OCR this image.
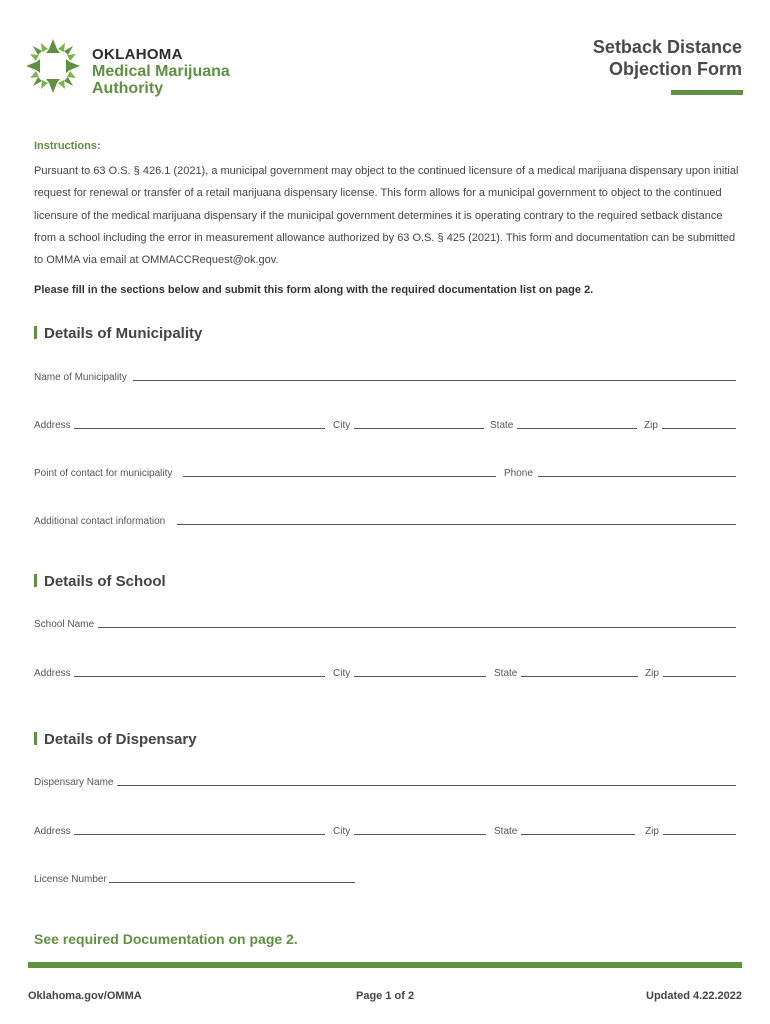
OKLAHOMA
Medical Marijuana
Authority
Setback Distance
Objection Form
Instructions:
Pursuant to 63 O.S. § 426.1 (2021), a municipal government may object to the continued licensure of a medical marijuana dispensary upon initial request for renewal or transfer of a retail marijuana dispensary license. This form allows for a municipal government to object to the continued licensure of the medical marijuana dispensary if the municipal government determines it is operating contrary to the required setback distance from a school including the error in measurement allowance authorized by 63 O.S. § 425 (2021). This form and documentation can be submitted to OMMA via email at OMMACCRequest@ok.gov.
Please fill in the sections below and submit this form along with the required documentation list on page 2.
Details of Municipality
Name of Municipality
Address	City	State	Zip
Point of contact for municipality	Phone
Additional contact information
Details of School
School Name
Address	City	State	Zip
Details of Dispensary
Dispensary Name
Address	City	State	Zip
License Number
See required Documentation on page 2.
Oklahoma.gov/OMMA	Page 1 of 2	Updated 4.22.2022
